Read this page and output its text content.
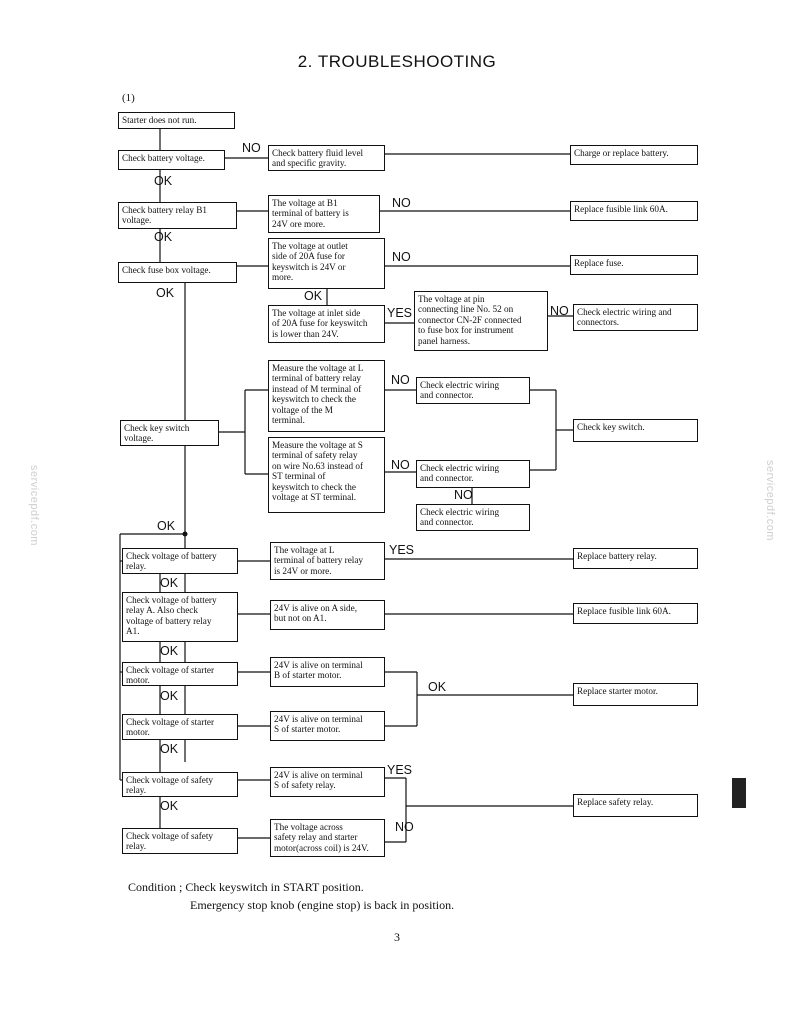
2. TROUBLESHOOTING
(1)
Starter does not run.
Check battery voltage.	Check battery fluid level
and specific gravity.
Charge or replace battery.
Check battery relay B1
voltage.
The voltage at B1
terminal of battery is
24V ore more.
Replace fusible link 60A.
Check fuse box voltage.
The voltage at outlet
side of 20A fuse for
keyswitch is 24V or
more.
Replace fuse.
The voltage at inlet side
of 20A fuse for keyswitch
is lower than 24V.
The voltage at pin
connecting line No. 52 on
connector CN-2F connected
to fuse box for instrument
panel harness.
Check electric wiring and
connectors.
Check key switch
voltage.
Measure the voltage at L
terminal of battery relay
instead of M terminal of
keyswitch to check the
voltage of the M
terminal.
Check electric wiring
and connector.
Check key switch.
Measure the voltage at S
terminal of safety relay
on wire No.63 instead of
ST terminal of
keyswitch to check the
voltage at ST terminal.
Check electric wiring
and connector.
Check electric wiring
and connector.
Check voltage of battery
relay.
The voltage at L
terminal of battery relay
is 24V or more.
Replace battery relay.
Check voltage of battery
relay A. Also check
voltage of battery relay
A1.
24V is alive on A side,
but not on A1.
Replace fusible link 60A.
Check voltage of starter
motor.
24V is alive on terminal
B of starter motor.
Replace starter motor.
Check voltage of starter
motor.
24V is alive on terminal
S of starter motor.
Check voltage of safety
relay.
24V is alive on terminal
S of safety relay.
Replace safety relay.
Check voltage of safety
relay.
The voltage across
safety relay and starter
motor(across coil) is 24V.
NO
OK
NO
OK
NO
OK	OK
YES	NO
NO
NO
NO
OK
YES
OK
OK
OK
OK
OK
OK
YES
NO
Condition ; Check keyswitch in START position.
Emergency stop knob (engine stop) is back in position.
3
servicepdf.com	servicepdf.com
